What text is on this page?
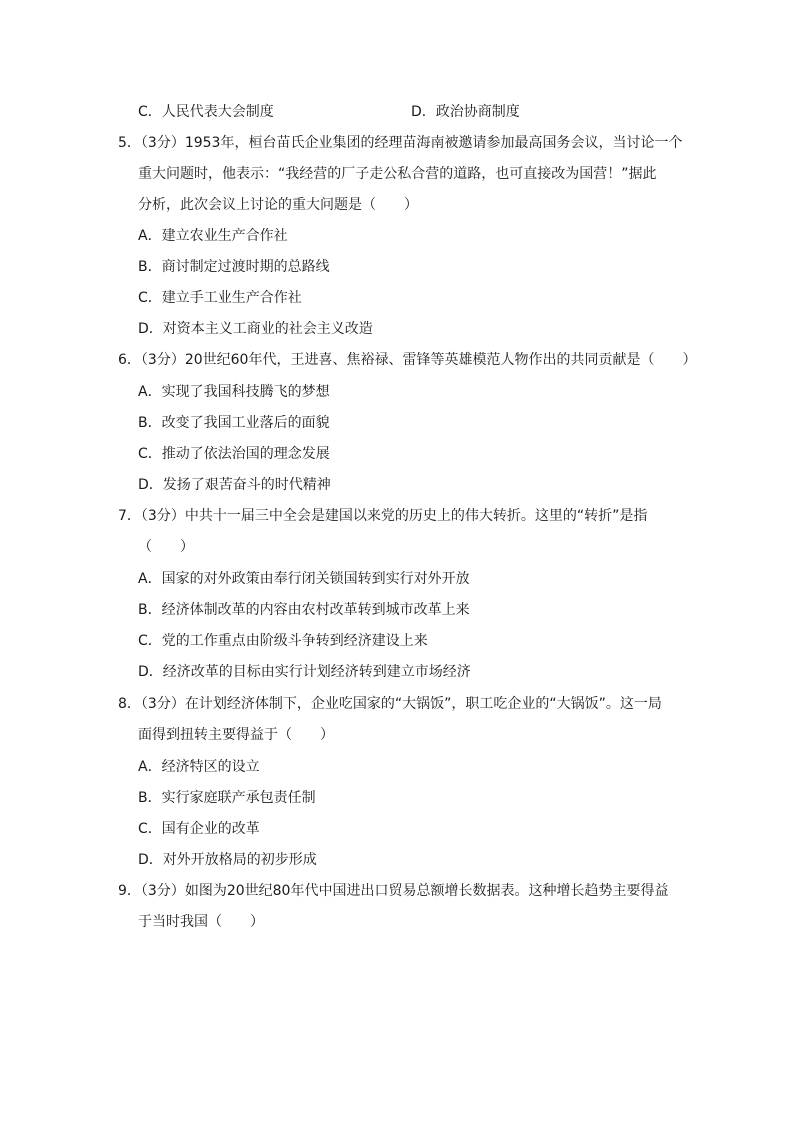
C．人民代表大会制度	D．政治协商制度
5．（3分）1953年，桓台苗氏企业集团的经理苗海南被邀请参加最高国务会议，当讨论一个
重大问题时，他表示：“我经营的厂子走公私合营的道路，也可直接改为国营！”据此
分析，此次会议上讨论的重大问题是（　　）
A．建立农业生产合作社
B．商讨制定过渡时期的总路线
C．建立手工业生产合作社
D．对资本主义工商业的社会主义改造
6．（3分）20世纪60年代，王进喜、焦裕禄、雷锋等英雄模范人物作出的共同贡献是（　　）
A．实现了我国科技腾飞的梦想
B．改变了我国工业落后的面貌
C．推动了依法治国的理念发展
D．发扬了艰苦奋斗的时代精神
7．（3分）中共十一届三中全会是建国以来党的历史上的伟大转折。这里的“转折”是指
（　　）
A．国家的对外政策由奉行闭关锁国转到实行对外开放
B．经济体制改革的内容由农村改革转到城市改革上来
C．党的工作重点由阶级斗争转到经济建设上来
D．经济改革的目标由实行计划经济转到建立市场经济
8．（3分）在计划经济体制下，企业吃国家的“大锅饭”，职工吃企业的“大锅饭”。这一局
面得到扭转主要得益于（　　）
A．经济特区的设立
B．实行家庭联产承包责任制
C．国有企业的改革
D．对外开放格局的初步形成
9．（3分）如图为20世纪80年代中国进出口贸易总额增长数据表。这种增长趋势主要得益
于当时我国（　　）
